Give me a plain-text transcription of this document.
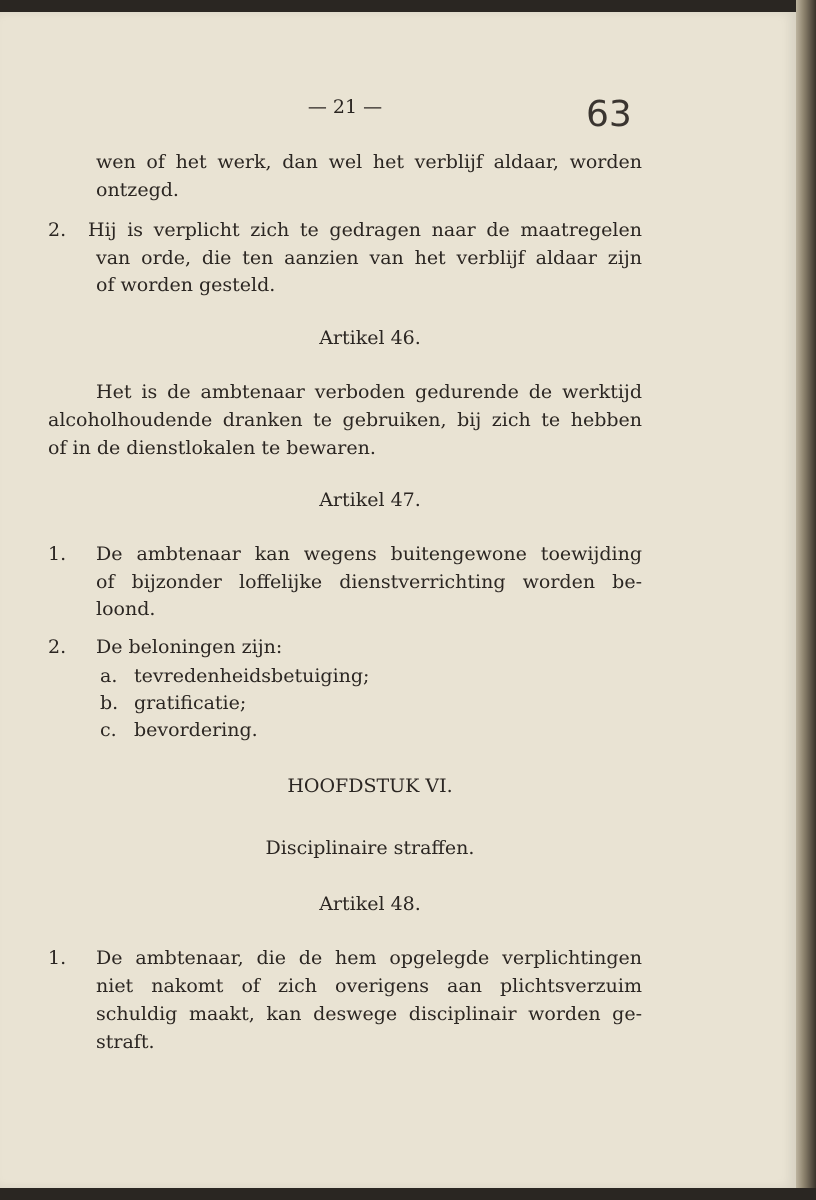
— 21 —	63
wen of het werk, dan wel het verblijf aldaar, worden
ontzegd.
2. Hij is verplicht zich te gedragen naar de maatregelen
van orde, die ten aanzien van het verblijf aldaar zijn
of worden gesteld.
Artikel 46.
Het is de ambtenaar verboden gedurende de werktijd
alcoholhoudende dranken te gebruiken, bij zich te hebben
of in de dienstlokalen te bewaren.
Artikel 47.
1. De ambtenaar kan wegens buitengewone toewijding
of bijzonder loffelijke dienstverrichting worden be-
loond.
2. De beloningen zijn:
a. tevredenheidsbetuiging;
b. gratificatie;
c. bevordering.
HOOFDSTUK VI.
Disciplinaire straffen.
Artikel 48.
1. De ambtenaar, die de hem opgelegde verplichtingen
niet nakomt of zich overigens aan plichtsverzuim
schuldig maakt, kan deswege disciplinair worden ge-
straft.
